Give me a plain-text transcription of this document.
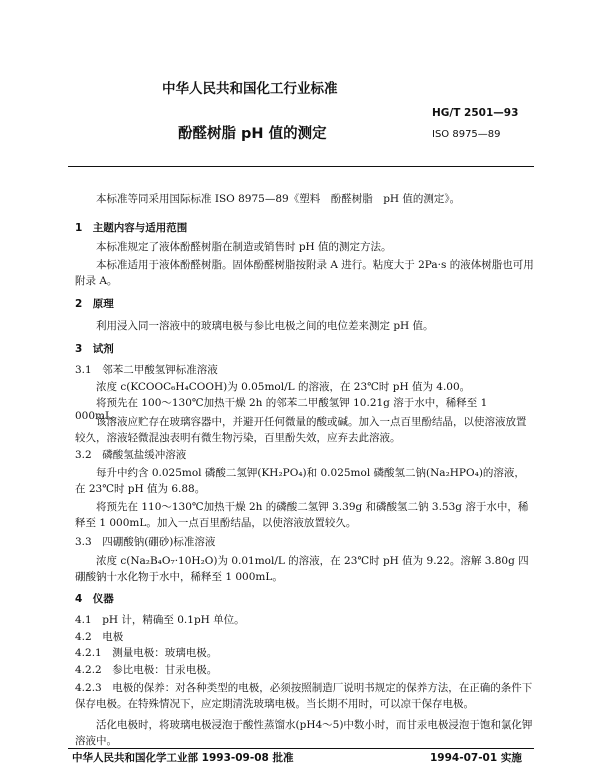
中华人民共和国化工行业标准
HG/T 2501—93
酚醛树脂 pH 值的测定	ISO 8975—89
本标准等同采用国际标准 ISO 8975—89《塑料　酚醛树脂　pH 值的测定》。
1　主题内容与适用范围
本标准规定了液体酚醛树脂在制造或销售时 pH 值的测定方法。
本标准适用于液体酚醛树脂。固体酚醛树脂按附录 A 进行。粘度大于 2Pa·s 的液体树脂也可用附录 A。
2　原理
利用浸入同一溶液中的玻璃电极与参比电极之间的电位差来测定 pH 值。
3　试剂
3.1　邻苯二甲酸氢钾标准溶液
浓度 c(KCOOC₆H₄COOH)为 0.05mol/L 的溶液，在 23℃时 pH 值为 4.00。
将预先在 100～130℃加热干燥 2h 的邻苯二甲酸氢钾 10.21g 溶于水中，稀释至 1 000mL。
该溶液应贮存在玻璃容器中，并避开任何微量的酸或碱。加入一点百里酚结晶，以使溶液放置较久，溶液轻微混浊表明有微生物污染，百里酚失效，应弃去此溶液。
3.2　磷酸氢盐缓冲溶液
每升中约含 0.025mol 磷酸二氢钾(KH₂PO₄)和 0.025mol 磷酸氢二钠(Na₂HPO₄)的溶液，在 23℃时 pH 值为 6.88。
将预先在 110～130℃加热干燥 2h 的磷酸二氢钾 3.39g 和磷酸氢二钠 3.53g 溶于水中，稀释至 1 000mL。加入一点百里酚结晶，以使溶液放置较久。
3.3　四硼酸钠(硼砂)标准溶液
浓度 c(Na₂B₄O₇·10H₂O)为 0.01mol/L 的溶液，在 23℃时 pH 值为 9.22。溶解 3.80g 四硼酸钠十水化物于水中，稀释至 1 000mL。
4　仪器
4.1　pH 计，精确至 0.1pH 单位。
4.2　电极
4.2.1　测量电极：玻璃电极。
4.2.2　参比电极：甘汞电极。
4.2.3　电极的保养：对各种类型的电极，必须按照制造厂说明书规定的保养方法，在正确的条件下保存电极。在特殊情况下，应定期清洗玻璃电极。当长期不用时，可以凉干保存电极。
活化电极时，将玻璃电极浸泡于酸性蒸馏水(pH4～5)中数小时，而甘汞电极浸泡于饱和氯化钾溶液中。
中华人民共和国化学工业部 1993-09-08 批准	1994-07-01 实施
